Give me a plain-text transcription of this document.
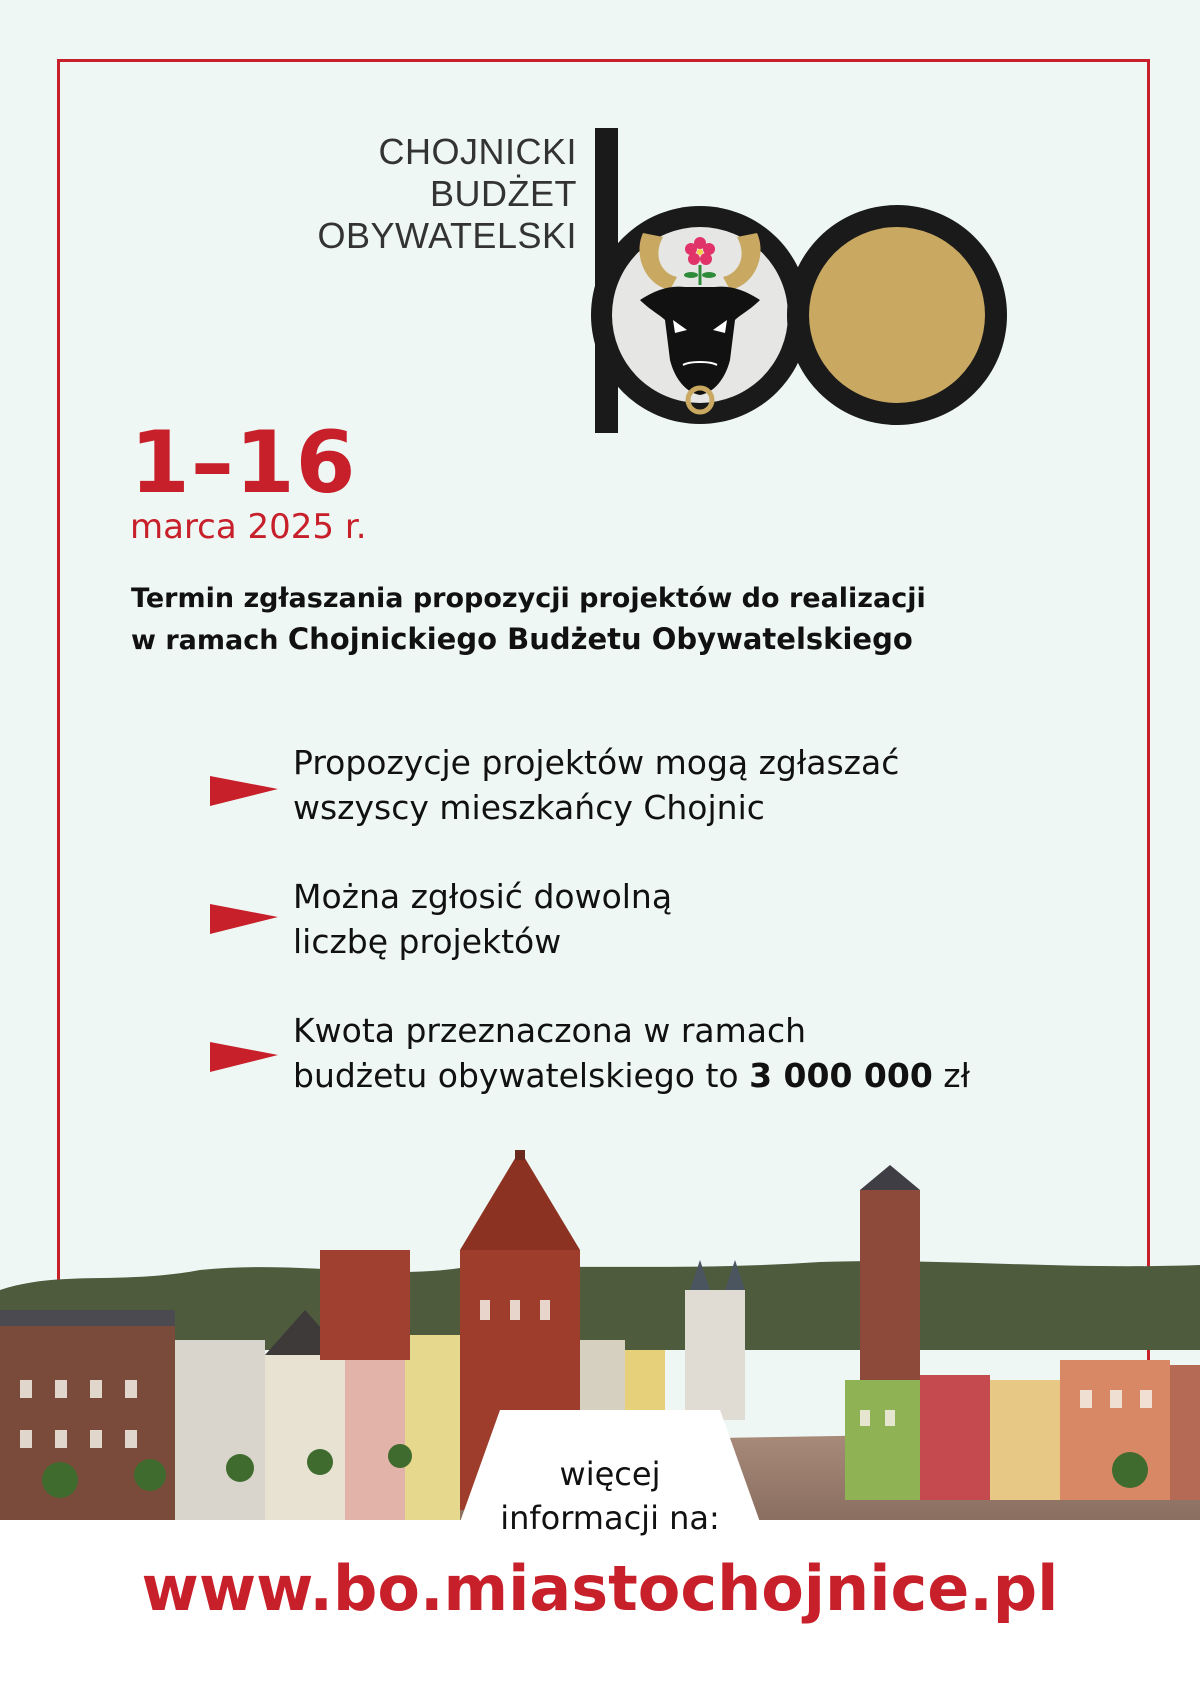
CHOJNICKI
BUDŻET
OBYWATELSKI
1–16
marca 2025 r.
Termin zgłaszania propozycji projektów do realizacji
w ramach Chojnickiego Budżetu Obywatelskiego
Propozycje projektów mogą zgłaszać
wszyscy mieszkańcy Chojnic
Można zgłosić dowolną
liczbę projektów
Kwota przeznaczona w ramach
budżetu obywatelskiego to 3 000 000 zł
więcej
informacji na:
www.bo.miastochojnice.pl
